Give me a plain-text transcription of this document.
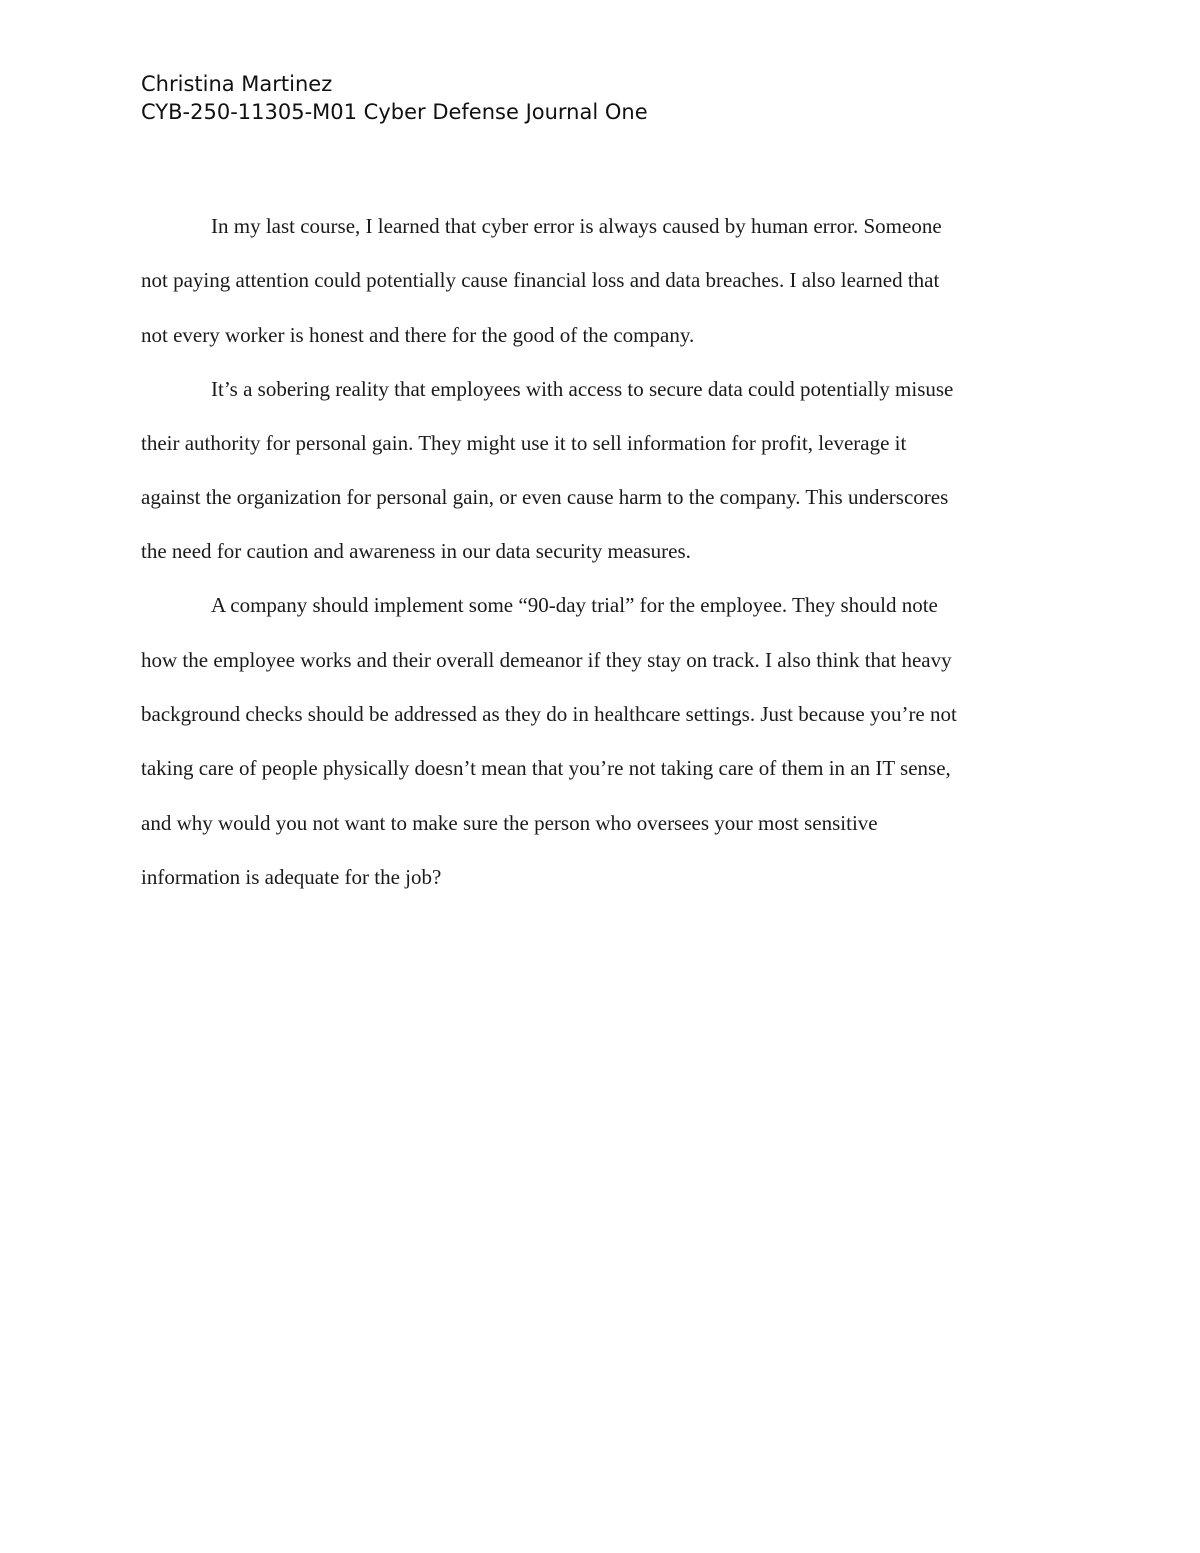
Christina Martinez
CYB-250-11305-M01 Cyber Defense Journal One
In my last course, I learned that cyber error is always caused by human error. Someone
not paying attention could potentially cause financial loss and data breaches. I also learned that
not every worker is honest and there for the good of the company.
It’s a sobering reality that employees with access to secure data could potentially misuse
their authority for personal gain. They might use it to sell information for profit, leverage it
against the organization for personal gain, or even cause harm to the company. This underscores
the need for caution and awareness in our data security measures.
A company should implement some “90-day trial” for the employee. They should note
how the employee works and their overall demeanor if they stay on track. I also think that heavy
background checks should be addressed as they do in healthcare settings. Just because you’re not
taking care of people physically doesn’t mean that you’re not taking care of them in an IT sense,
and why would you not want to make sure the person who oversees your most sensitive
information is adequate for the job?
